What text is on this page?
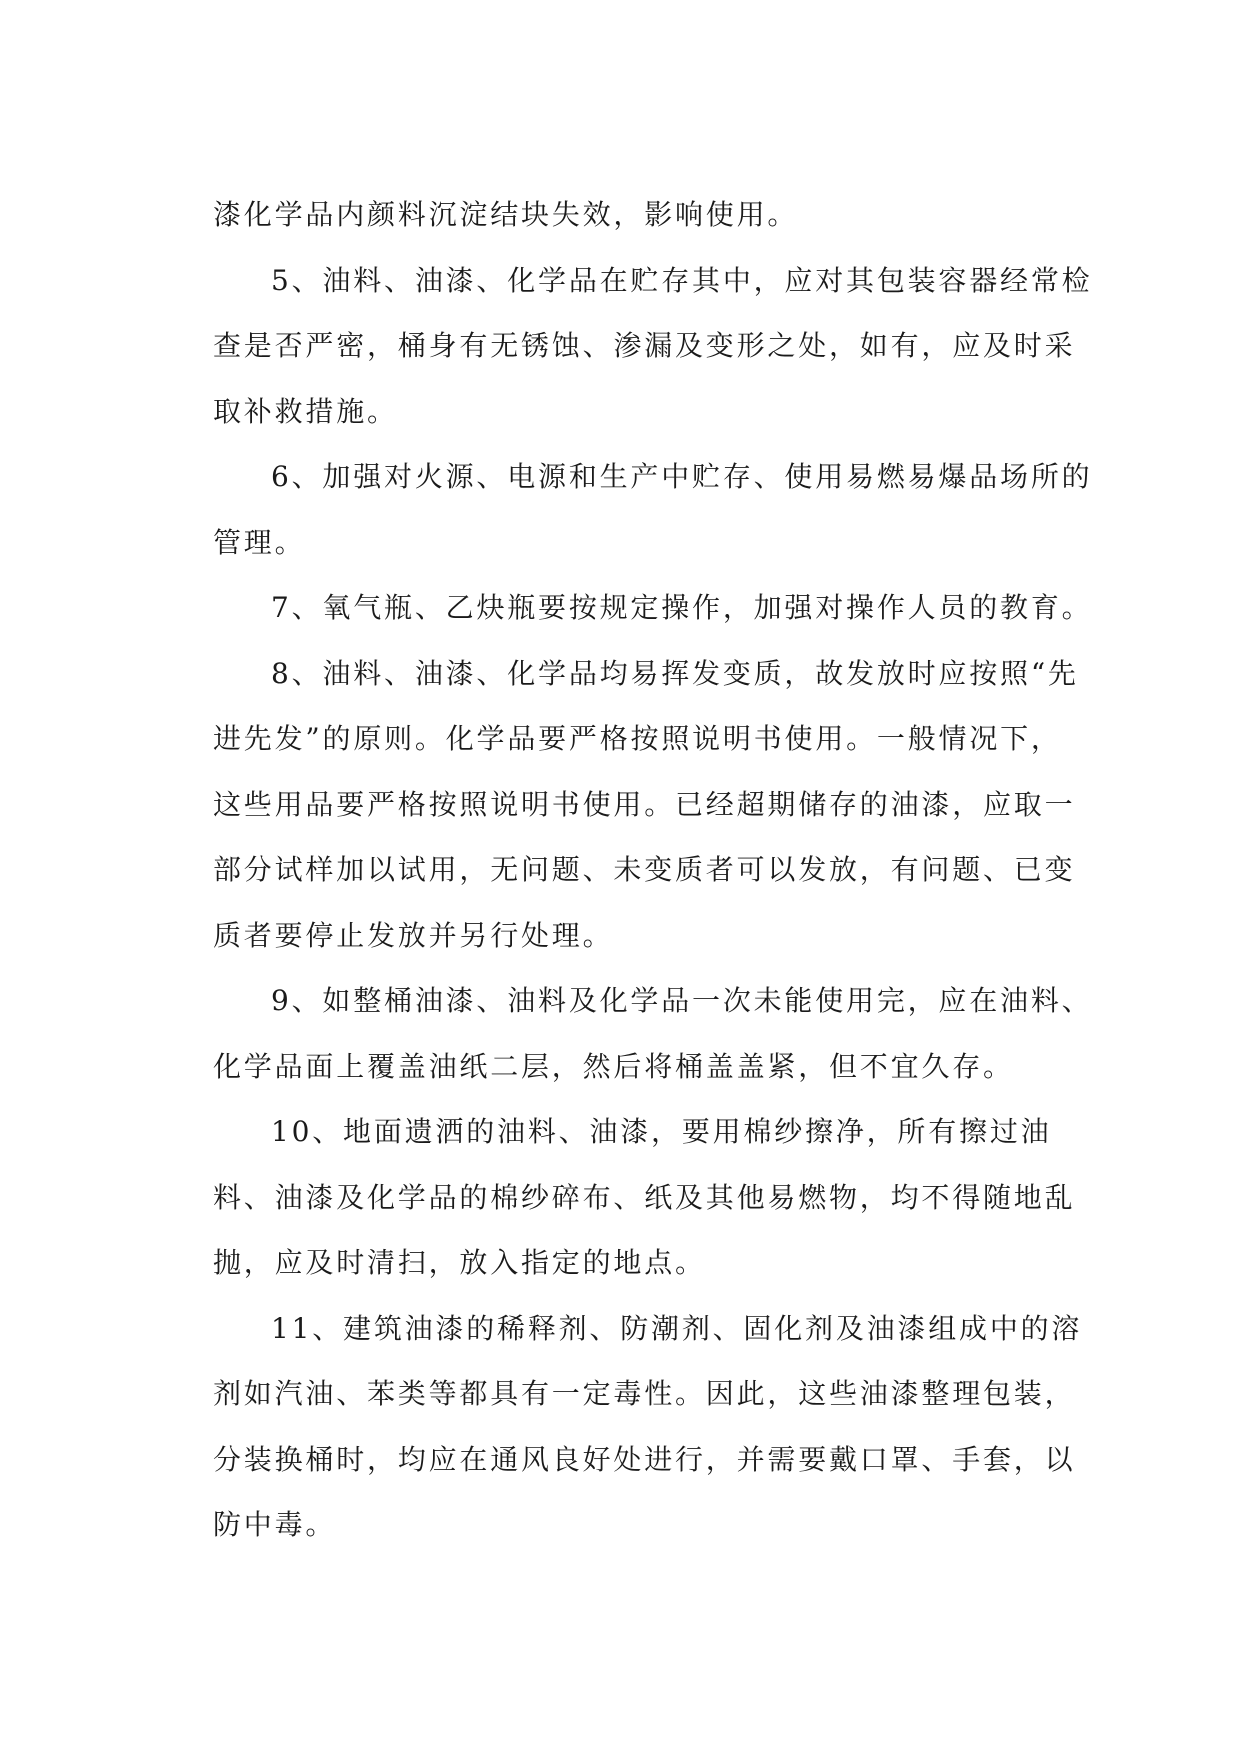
漆化学品内颜料沉淀结块失效，影响使用。
5、油料、油漆、化学品在贮存其中，应对其包装容器经常检
查是否严密，桶身有无锈蚀、渗漏及变形之处，如有，应及时采
取补救措施。
6、加强对火源、电源和生产中贮存、使用易燃易爆品场所的
管理。
7、氧气瓶、乙炔瓶要按规定操作，加强对操作人员的教育。
8、油料、油漆、化学品均易挥发变质，故发放时应按照“先
进先发”的原则。化学品要严格按照说明书使用。一般情况下，
这些用品要严格按照说明书使用。已经超期储存的油漆，应取一
部分试样加以试用，无问题、未变质者可以发放，有问题、已变
质者要停止发放并另行处理。
9、如整桶油漆、油料及化学品一次未能使用完，应在油料、
化学品面上覆盖油纸二层，然后将桶盖盖紧，但不宜久存。
10、地面遗洒的油料、油漆，要用棉纱擦净，所有擦过油
料、油漆及化学品的棉纱碎布、纸及其他易燃物，均不得随地乱
抛，应及时清扫，放入指定的地点。
11、建筑油漆的稀释剂、防潮剂、固化剂及油漆组成中的溶
剂如汽油、苯类等都具有一定毒性。因此，这些油漆整理包装，
分装换桶时，均应在通风良好处进行，并需要戴口罩、手套，以
防中毒。
